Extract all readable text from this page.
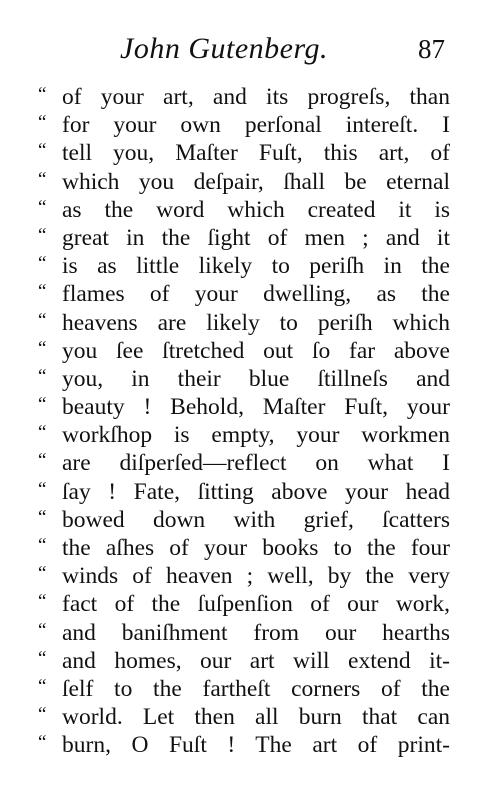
John Gutenberg.	87
“ of your art, and its progreſs, than
“ for your own perſonal intereſt. I
“ tell you, Maſter Fuſt, this art, of
“ which you deſpair, ſhall be eternal
“ as the word which created it is
“ great in the ſight of men ; and it
“ is as little likely to periſh in the
“ flames of your dwelling, as the
“ heavens are likely to periſh which
“ you ſee ſtretched out ſo far above
“ you, in their blue ſtillneſs and
“ beauty ! Behold, Maſter Fuſt, your
“ workſhop is empty, your workmen
“ are diſperſed—reflect on what I
“ ſay ! Fate, ſitting above your head
“ bowed down with grief, ſcatters
“ the aſhes of your books to the four
“ winds of heaven ; well, by the very
“ fact of the ſuſpenſion of our work,
“ and baniſhment from our hearths
“ and homes, our art will extend it-
“ ſelf to the fartheſt corners of the
“ world. Let then all burn that can
“ burn, O Fuſt ! The art of print-
